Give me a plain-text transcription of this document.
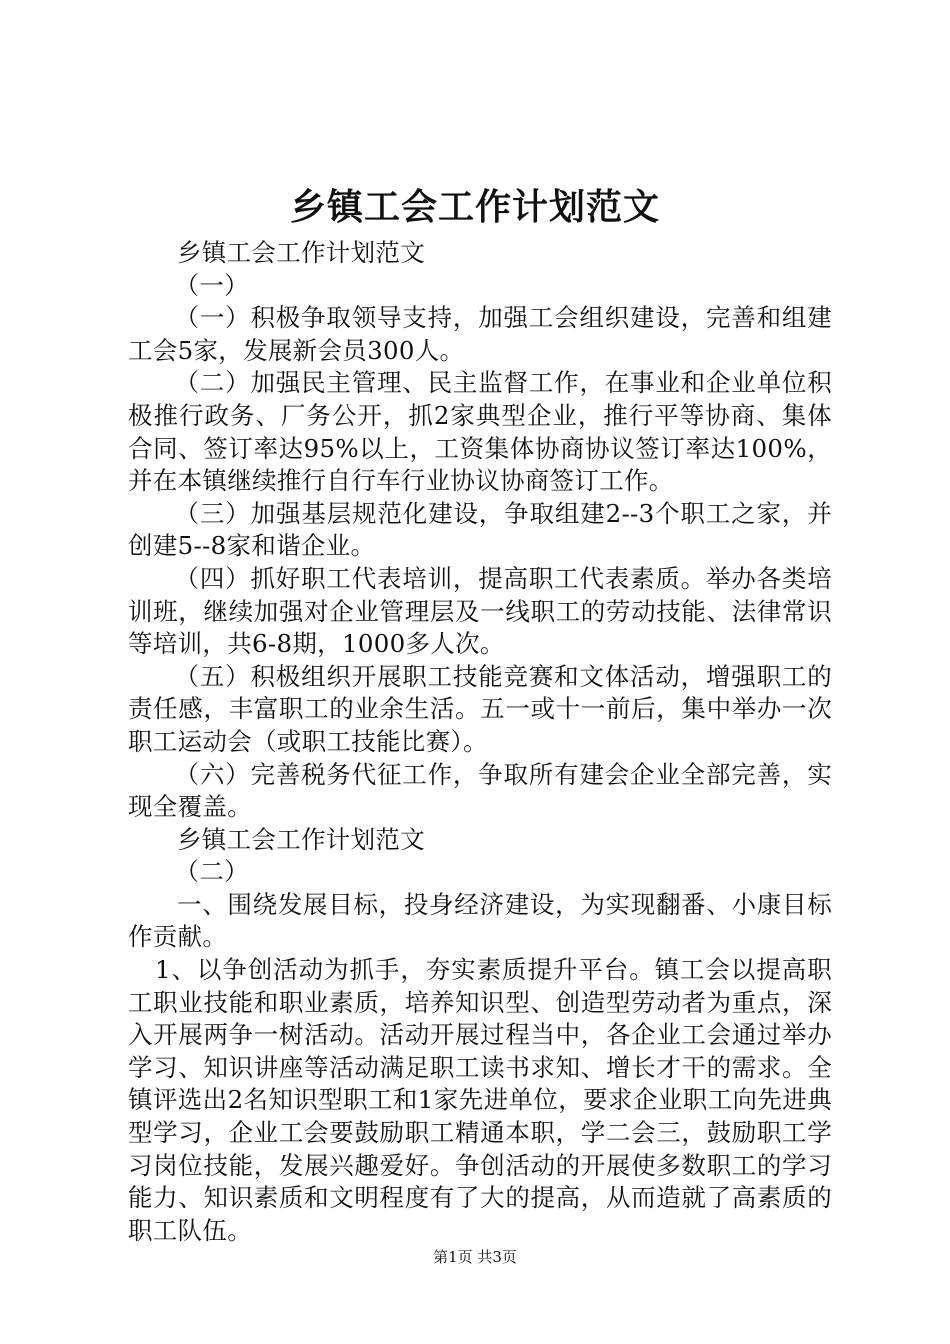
乡镇工会工作计划范文

乡镇工会工作计划范文

（一）

（一）积极争取领导支持，加强工会组织建设，完善和组建工会5家，发展新会员300人。

（二）加强民主管理、民主监督工作，在事业和企业单位积极推行政务、厂务公开，抓2家典型企业，推行平等协商、集体合同、签订率达95%以上，工资集体协商协议签订率达100%，并在本镇继续推行自行车行业协议协商签订工作。

（三）加强基层规范化建设，争取组建2--3个职工之家，并创建5--8家和谐企业。

（四）抓好职工代表培训，提高职工代表素质。举办各类培训班，继续加强对企业管理层及一线职工的劳动技能、法律常识等培训，共6-8期，1000多人次。

（五）积极组织开展职工技能竞赛和文体活动，增强职工的责任感，丰富职工的业余生活。五一或十一前后，集中举办一次职工运动会（或职工技能比赛）。

（六）完善税务代征工作，争取所有建会企业全部完善，实现全覆盖。

乡镇工会工作计划范文

（二）

一、围绕发展目标，投身经济建设，为实现翻番、小康目标作贡献。

1、以争创活动为抓手，夯实素质提升平台。镇工会以提高职工职业技能和职业素质，培养知识型、创造型劳动者为重点，深入开展两争一树活动。活动开展过程当中，各企业工会通过举办学习、知识讲座等活动满足职工读书求知、增长才干的需求。全镇评选出2名知识型职工和1家先进单位，要求企业职工向先进典型学习，企业工会要鼓励职工精通本职，学二会三，鼓励职工学习岗位技能，发展兴趣爱好。争创活动的开展使多数职工的学习能力、知识素质和文明程度有了大的提高，从而造就了高素质的职工队伍。

第1页 共3页
